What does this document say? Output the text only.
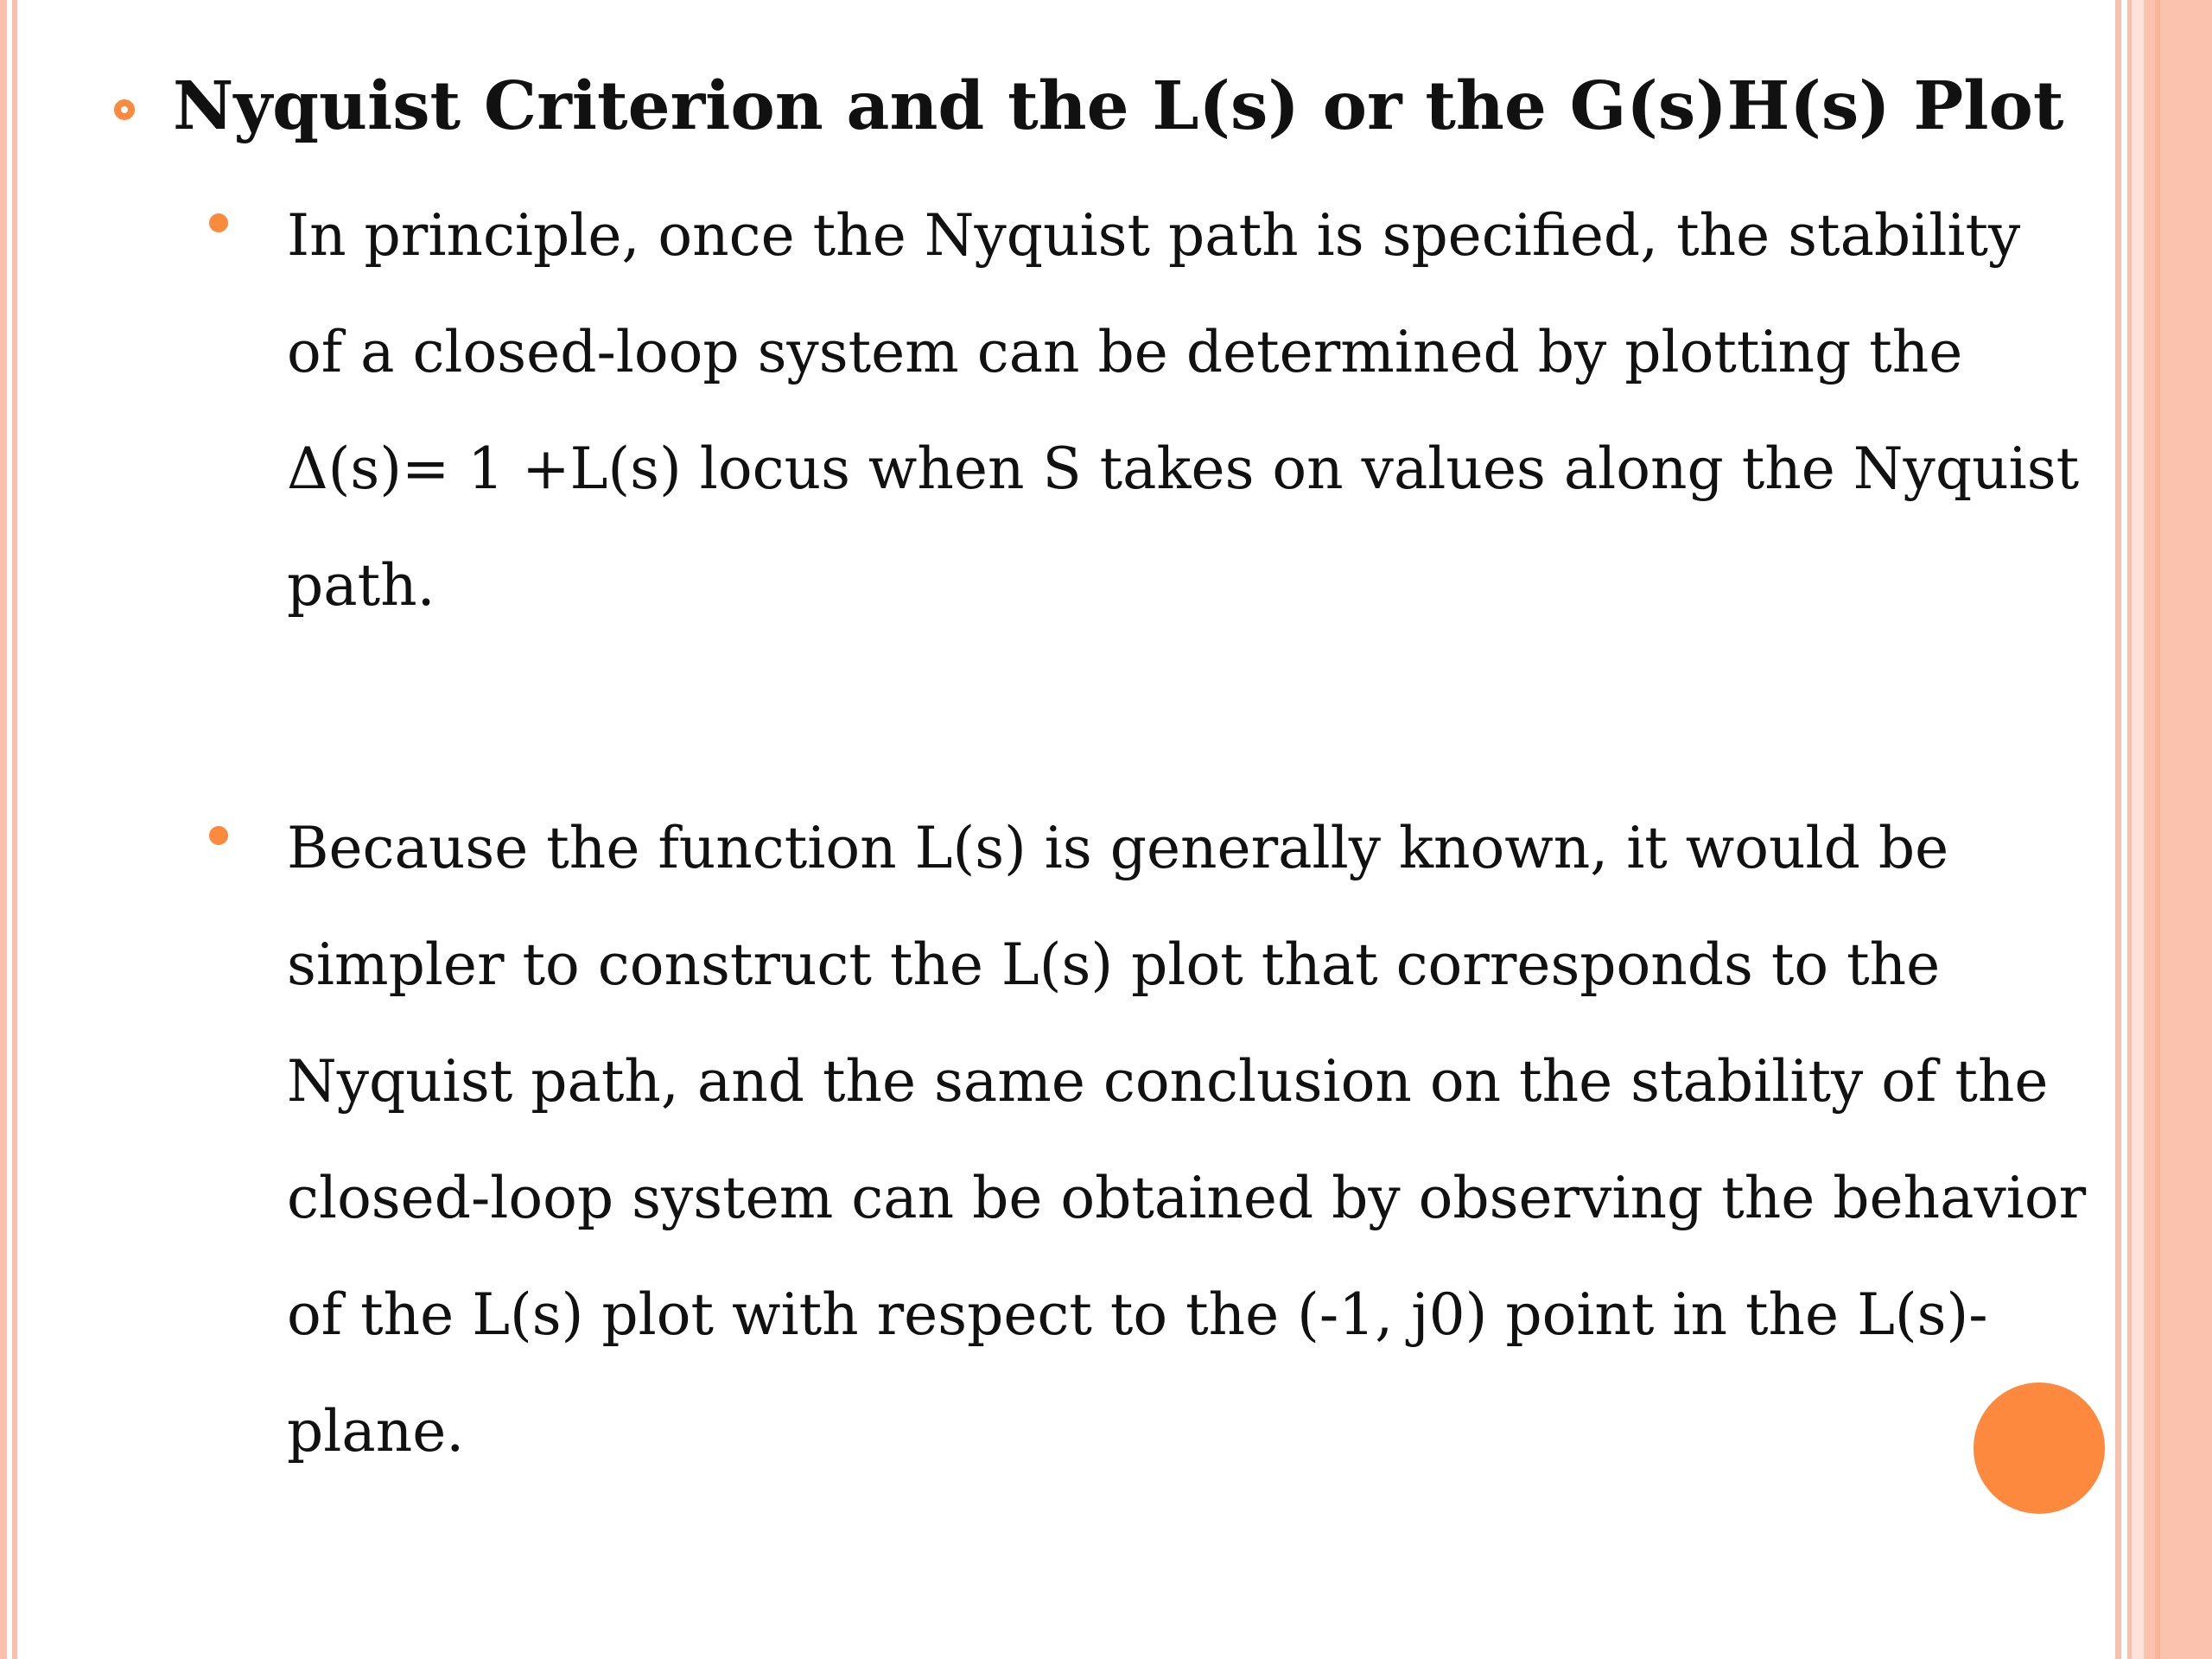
Nyquist Criterion and the L(s) or the G(s)H(s) Plot
In principle, once the Nyquist path is specified, the stability
of a closed-loop system can be determined by plotting the
Δ(s)= 1 +L(s) locus when S takes on values along the Nyquist
path.
Because the function L(s) is generally known, it would be
simpler to construct the L(s) plot that corresponds to the
Nyquist path, and the same conclusion on the stability of the
closed-loop system can be obtained by observing the behavior
of the L(s) plot with respect to the (-1, j0) point in the L(s)-
plane.
